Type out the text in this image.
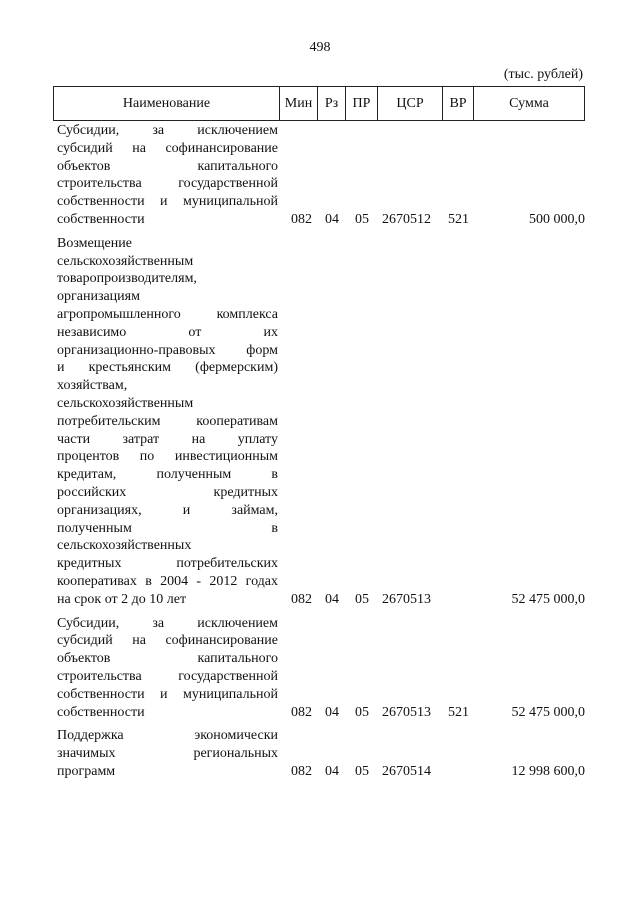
498
(тыс. рублей)
Наименование	Мин Рз	ПР	ЦСР	ВР	Сумма
Субсидии, за исключением
субсидий на софинансирование
объектов капитального
строительства государственной
собственности и муниципальной
собственности	082 04 05 2670512 521	500 000,0
Возмещение
сельскохозяйственным
товаропроизводителям,
организациям
агропромышленного комплекса
независимо от их
организационно-правовых форм
и крестьянским (фермерским)
хозяйствам,
сельскохозяйственным
потребительским кооперативам
части затрат на уплату
процентов по инвестиционным
кредитам, полученным в
российских кредитных
организациях, и займам,
полученным в
сельскохозяйственных
кредитных потребительских
кооперативах в 2004 - 2012 годах
на срок от 2 до 10 лет	082 04 05 2670513	52 475 000,0
Субсидии, за исключением
субсидий на софинансирование
объектов капитального
строительства государственной
собственности и муниципальной
собственности	082 04 05 2670513 521	52 475 000,0
Поддержка экономически
значимых региональных
программ	082 04 05 2670514	12 998 600,0
